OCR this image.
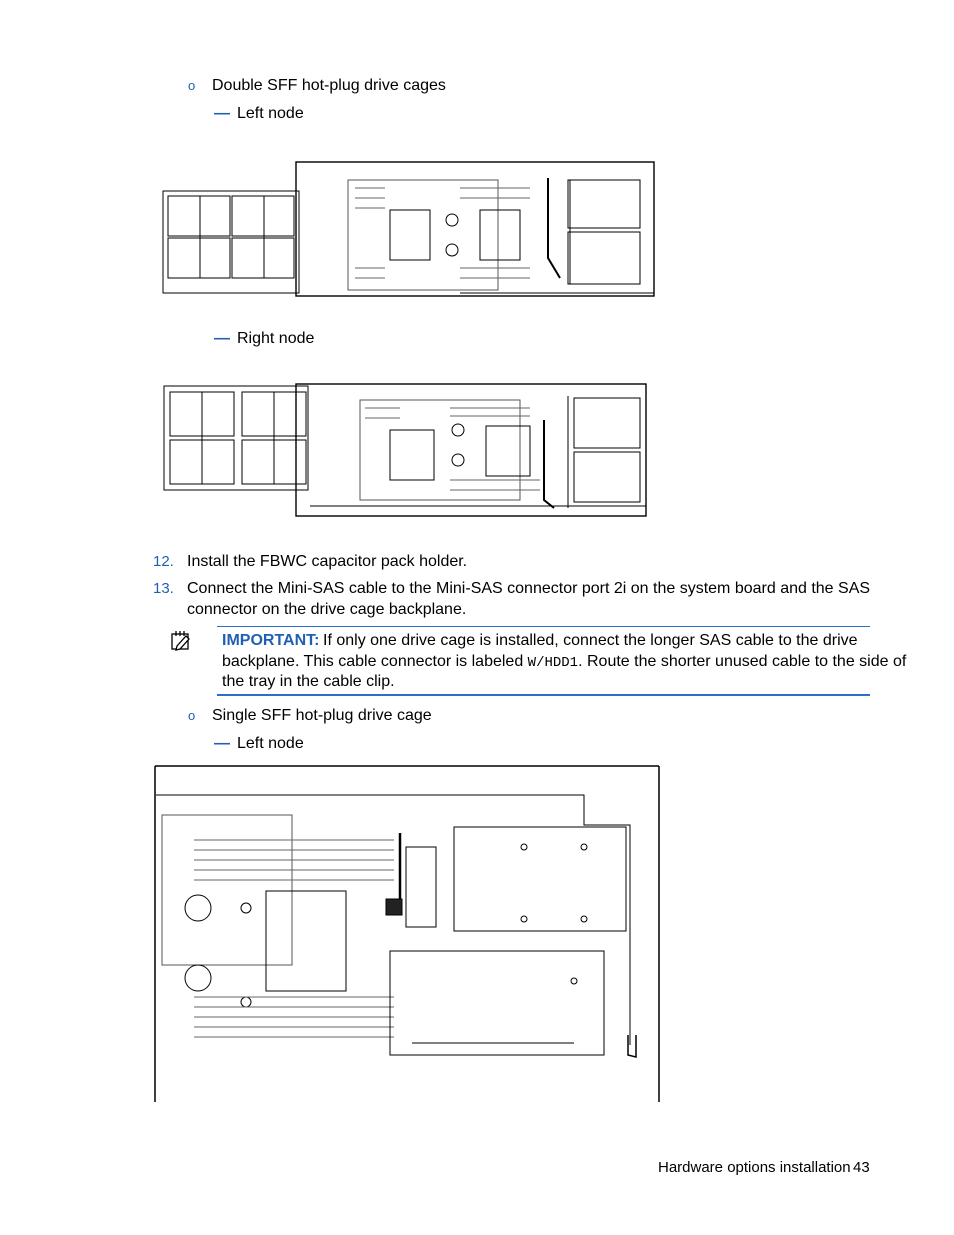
o Double SFF hot-plug drive cages
— Left node
— Right node
12. Install the FBWC capacitor pack holder.
13. Connect the Mini-SAS cable to the Mini-SAS connector port 2i on the system board and the SAS
connector on the drive cage backplane.
IMPORTANT: If only one drive cage is installed, connect the longer SAS cable to the drive
backplane. This cable connector is labeled W/HDD1. Route the shorter unused cable to the side of
the tray in the cable clip.
o Single SFF hot-plug drive cage
— Left node
Hardware options installation 43
